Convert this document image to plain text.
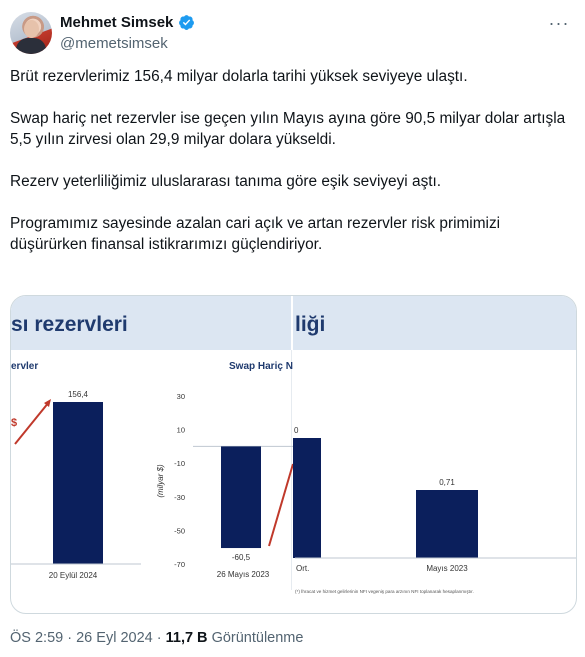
Mehmet Simsek
@memetsimsek
···

Brüt rezervlerimiz 156,4 milyar dolarla tarihi yüksek seviyeye ulaştı.

Swap hariç net rezervler ise geçen yılın Mayıs ayına göre 90,5 milyar dolar artışla 5,5 yılın zirvesi olan 29,9 milyar dolara yükseldi.

Rezerv yeterliliğimiz uluslararası tanıma göre eşik seviyeyi aştı.

Programımız sayesinde azalan cari açık ve artan rezervler risk primimizi düşürürken finansal istikrarımızı güçlendiriyor.

sı rezervleri	liği
ervler
$
156,4
20 Eylül 2024
Swap Hariç N
(milyar $)
30
10
-10
-30
-50
-70
-60,5
26 Mayıs 2023
0
Ort.
0,71
Mayıs 2023
(*) İhracat ve hizmet gelirlerinin NFI vegeniş para arzının NFI toplanarak hesaplanmıştır.
ÖS 2:59 · 26 Eyl 2024 · 11,7 B Görüntülenme
